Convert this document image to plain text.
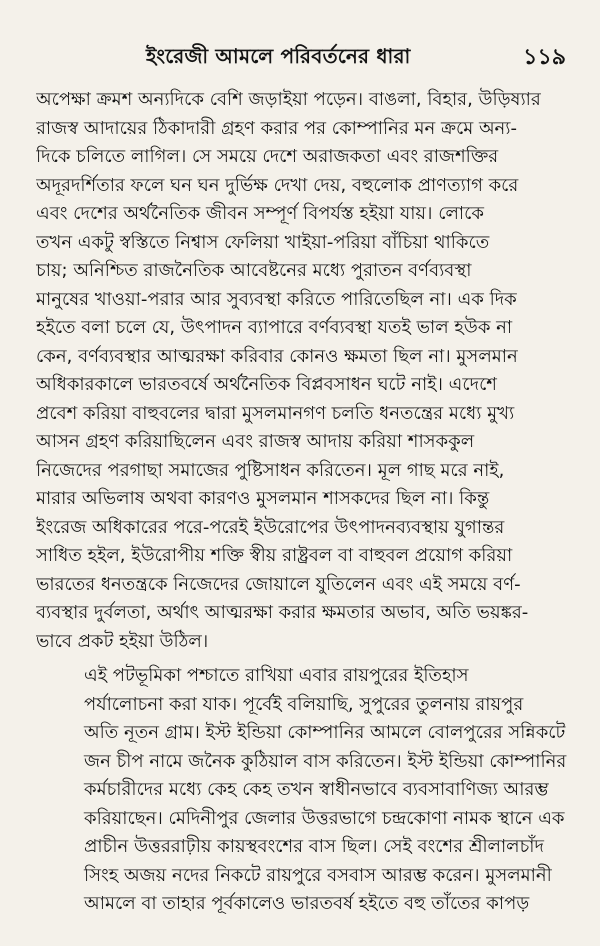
ইংরেজী আমলে পরিবর্তনের ধারা	১১৯

অপেক্ষা ক্রমশ অন্যদিকে বেশি জড়াইয়া পড়েন। বাঙলা, বিহার, উড়িষ্যার
রাজস্ব আদায়ের ঠিকাদারী গ্রহণ করার পর কোম্পানির মন ক্রমে অন্য-
দিকে চলিতে লাগিল। সে সময়ে দেশে অরাজকতা এবং রাজশক্তির
অদূরদর্শিতার ফলে ঘন ঘন দুর্ভিক্ষ দেখা দেয়, বহুলোক প্রাণত্যাগ করে
এবং দেশের অর্থনৈতিক জীবন সম্পূর্ণ বিপর্যস্ত হইয়া যায়। লোকে
তখন একটু স্বস্তিতে নিশ্বাস ফেলিয়া খাইয়া-পরিয়া বাঁচিয়া থাকিতে
চায়; অনিশ্চিত রাজনৈতিক আবেষ্টনের মধ্যে পুরাতন বর্ণব্যবস্থা
মানুষের খাওয়া-পরার আর সুব্যবস্থা করিতে পারিতেছিল না। এক দিক
হইতে বলা চলে যে, উৎপাদন ব্যাপারে বর্ণব্যবস্থা যতই ভাল হউক না
কেন, বর্ণব্যবস্থার আত্মরক্ষা করিবার কোনও ক্ষমতা ছিল না। মুসলমান
অধিকারকালে ভারতবর্ষে অর্থনৈতিক বিপ্লবসাধন ঘটে নাই। এদেশে
প্রবেশ করিয়া বাহুবলের দ্বারা মুসলমানগণ চলতি ধনতন্ত্রের মধ্যে মুখ্য
আসন গ্রহণ করিয়াছিলেন এবং রাজস্ব আদায় করিয়া শাসককুল
নিজেদের পরগাছা সমাজের পুষ্টিসাধন করিতেন। মূল গাছ মরে নাই,
মারার অভিলাষ অথবা কারণও মুসলমান শাসকদের ছিল না। কিন্তু
ইংরেজ অধিকারের পরে-পরেই ইউরোপের উৎপাদনব্যবস্থায় যুগান্তর
সাধিত হইল, ইউরোপীয় শক্তি স্বীয় রাষ্ট্রবল বা বাহুবল প্রয়োগ করিয়া
ভারতের ধনতন্ত্রকে নিজেদের জোয়ালে যুতিলেন এবং এই সময়ে বর্ণ-
ব্যবস্থার দুর্বলতা, অর্থাৎ আত্মরক্ষা করার ক্ষমতার অভাব, অতি ভয়ঙ্কর-
ভাবে প্রকট হইয়া উঠিল।

এই পটভূমিকা পশ্চাতে রাখিয়া এবার রায়পুরের ইতিহাস
পর্যালোচনা করা যাক। পূর্বেই বলিয়াছি, সুপুরের তুলনায় রায়পুর
অতি নূতন গ্রাম। ইস্ট ইন্ডিয়া কোম্পানির আমলে বোলপুরের সন্নিকটে
জন চীপ নামে জনৈক কুঠিয়াল বাস করিতেন। ইস্ট ইন্ডিয়া কোম্পানির
কর্মচারীদের মধ্যে কেহ কেহ তখন স্বাধীনভাবে ব্যবসাবাণিজ্য আরম্ভ
করিয়াছেন। মেদিনীপুর জেলার উত্তরভাগে চন্দ্রকোণা নামক স্থানে এক
প্রাচীন উত্তররাঢ়ীয় কায়স্থবংশের বাস ছিল। সেই বংশের শ্রীলালচাঁদ
সিংহ অজয় নদের নিকটে রায়পুরে বসবাস আরম্ভ করেন। মুসলমানী
আমলে বা তাহার পূর্বকালেও ভারতবর্ষ হইতে বহু তাঁতের কাপড়
